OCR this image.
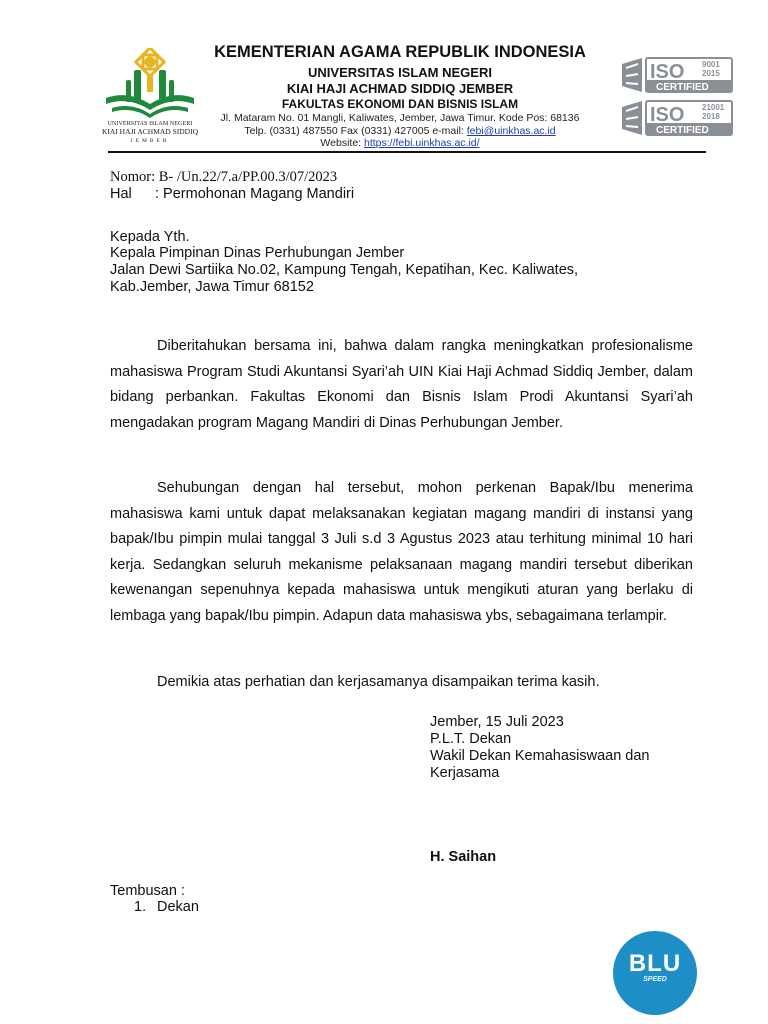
UNIVERSITAS ISLAM NEGERI
KIAI HAJI ACHMAD SIDDIQ
JEMBER
KEMENTERIAN AGAMA REPUBLIK INDONESIA
UNIVERSITAS ISLAM NEGERI
KIAI HAJI ACHMAD SIDDIQ JEMBER
FAKULTAS EKONOMI DAN BISNIS ISLAM
Jl. Mataram No. 01 Mangli, Kaliwates, Jember, Jawa Timur. Kode Pos: 68136
Telp. (0331) 487550 Fax (0331) 427005 e-mail: febi@uinkhas.ac.id
Website: https://febi.uinkhas.ac.id/
ISO 9001
2015
CERTIFIED
ISO 21001
2018
CERTIFIED
Nomor: B- /Un.22/7.a/PP.00.3/07/2023
Hal : Permohonan Magang Mandiri
Kepada Yth.
Kepala Pimpinan Dinas Perhubungan Jember
Jalan Dewi Sartiika No.02, Kampung Tengah, Kepatihan, Kec. Kaliwates,
Kab.Jember, Jawa Timur 68152
Diberitahukan bersama ini, bahwa dalam rangka meningkatkan profesionalisme mahasiswa Program Studi Akuntansi Syari’ah UIN Kiai Haji Achmad Siddiq Jember, dalam bidang perbankan. Fakultas Ekonomi dan Bisnis Islam Prodi Akuntansi Syari’ah mengadakan program Magang Mandiri di Dinas Perhubungan Jember.
Sehubungan dengan hal tersebut, mohon perkenan Bapak/Ibu menerima mahasiswa kami untuk dapat melaksanakan kegiatan magang mandiri di instansi yang bapak/Ibu pimpin mulai tanggal 3 Juli s.d 3 Agustus 2023 atau terhitung minimal 10 hari kerja. Sedangkan seluruh mekanisme pelaksanaan magang mandiri tersebut diberikan kewenangan sepenuhnya kepada mahasiswa untuk mengikuti aturan yang berlaku di lembaga yang bapak/Ibu pimpin. Adapun data mahasiswa ybs, sebagaimana terlampir.
Demikia atas perhatian dan kerjasamanya disampaikan terima kasih.
Jember, 15 Juli 2023
P.L.T. Dekan
Wakil Dekan Kemahasiswaan dan
Kerjasama
H. Saihan
Tembusan :
1. Dekan
BLU
SPEED
